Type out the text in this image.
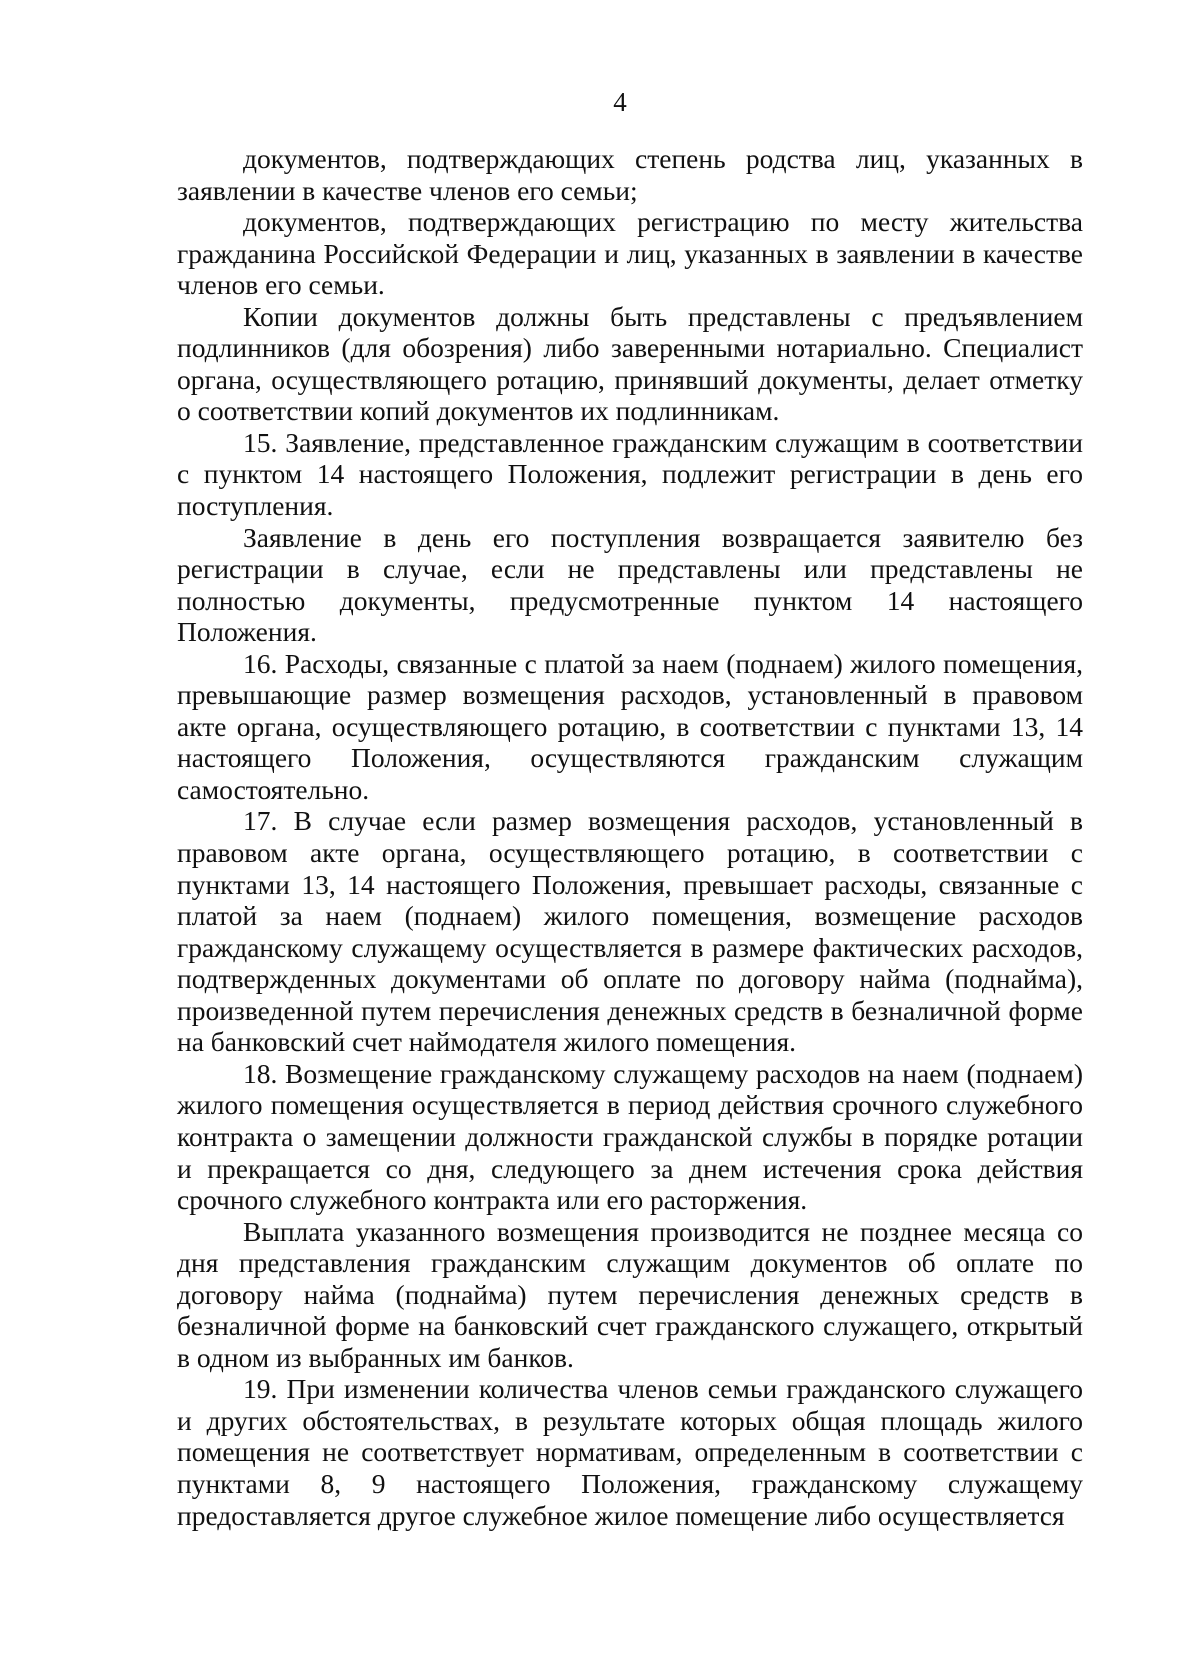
4

документов, подтверждающих степень родства лиц, указанных в заявлении в качестве членов его семьи;

документов, подтверждающих регистрацию по месту жительства гражданина Российской Федерации и лиц, указанных в заявлении в качестве членов его семьи.

Копии документов должны быть представлены с предъявлением подлинников (для обозрения) либо заверенными нотариально. Специалист органа, осуществляющего ротацию, принявший документы, делает отметку о соответствии копий документов их подлинникам.

15. Заявление, представленное гражданским служащим в соответствии с пунктом 14 настоящего Положения, подлежит регистрации в день его поступления.

Заявление в день его поступления возвращается заявителю без регистрации в случае, если не представлены или представлены не полностью документы, предусмотренные пунктом 14 настоящего Положения.

16. Расходы, связанные с платой за наем (поднаем) жилого помещения, превышающие размер возмещения расходов, установленный в правовом акте органа, осуществляющего ротацию, в соответствии с пунктами 13, 14 настоящего Положения, осуществляются гражданским служащим самостоятельно.

17. В случае если размер возмещения расходов, установленный в правовом акте органа, осуществляющего ротацию, в соответствии с пунктами 13, 14 настоящего Положения, превышает расходы, связанные с платой за наем (поднаем) жилого помещения, возмещение расходов гражданскому служащему осуществляется в размере фактических расходов, подтвержденных документами об оплате по договору найма (поднайма), произведенной путем перечисления денежных средств в безналичной форме на банковский счет наймодателя жилого помещения.

18. Возмещение гражданскому служащему расходов на наем (поднаем) жилого помещения осуществляется в период действия срочного служебного контракта о замещении должности гражданской службы в порядке ротации и прекращается со дня, следующего за днем истечения срока действия срочного служебного контракта или его расторжения.

Выплата указанного возмещения производится не позднее месяца со дня представления гражданским служащим документов об оплате по договору найма (поднайма) путем перечисления денежных средств в безналичной форме на банковский счет гражданского служащего, открытый в одном из выбранных им банков.

19. При изменении количества членов семьи гражданского служащего и других обстоятельствах, в результате которых общая площадь жилого помещения не соответствует нормативам, определенным в соответствии с пунктами 8, 9 настоящего Положения, гражданскому служащему предоставляется другое служебное жилое помещение либо осуществляется
